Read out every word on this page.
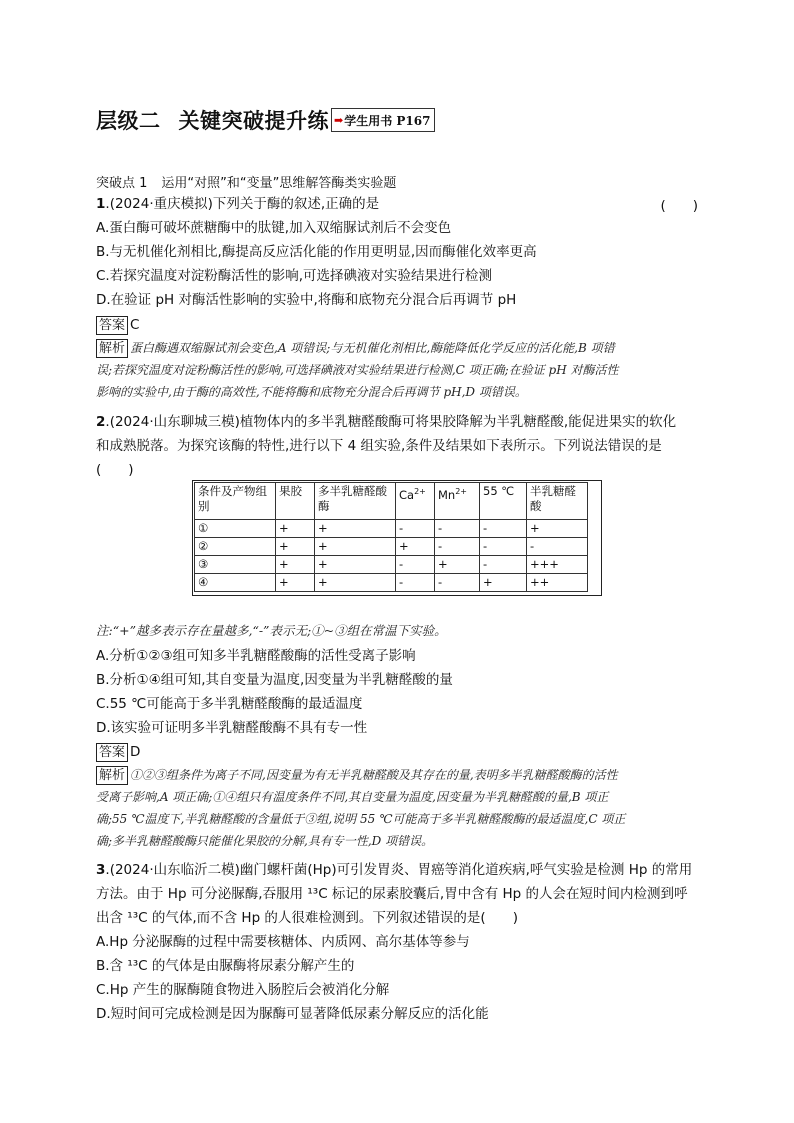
层级二 关键突破提升练 ➡ 学生用书 P167
突破点 1 运用“对照”和“变量”思维解答酶类实验题
1.(2024·重庆模拟)下列关于酶的叙述,正确的是	(　　)
A.蛋白酶可破坏蔗糖酶中的肽键,加入双缩脲试剂后不会变色
B.与无机催化剂相比,酶提高反应活化能的作用更明显,因而酶催化效率更高
C.若探究温度对淀粉酶活性的影响,可选择碘液对实验结果进行检测
D.在验证 pH 对酶活性影响的实验中,将酶和底物充分混合后再调节 pH
答案 C
解析 蛋白酶遇双缩脲试剂会变色,A 项错误;与无机催化剂相比,酶能降低化学反应的活化能,B 项错
误;若探究温度对淀粉酶活性的影响,可选择碘液对实验结果进行检测,C 项正确;在验证 pH 对酶活性
影响的实验中,由于酶的高效性,不能将酶和底物充分混合后再调节 pH,D 项错误。
2.(2024·山东聊城三模)植物体内的多半乳糖醛酸酶可将果胶降解为半乳糖醛酸,能促进果实的软化
和成熟脱落。为探究该酶的特性,进行以下 4 组实验,条件及结果如下表所示。下列说法错误的是
(　　)
条件及产物组别	果胶	多半乳糖醛酸酶	$Ca^{2+}$	$Mn^{2+}$	55 ℃	半乳糖醛酸
①	+	+	-	-	-	+
②	+	+	+	-	-	-
③	+	+	-	+	-	+++
④	+	+	-	-	+	++
注:“+”越多表示存在量越多,“-”表示无;①~③组在常温下实验。
A.分析①②③组可知多半乳糖醛酸酶的活性受离子影响
B.分析①④组可知,其自变量为温度,因变量为半乳糖醛酸的量
C.55 ℃可能高于多半乳糖醛酸酶的最适温度
D.该实验可证明多半乳糖醛酸酶不具有专一性
答案 D
解析 ①②③组条件为离子不同,因变量为有无半乳糖醛酸及其存在的量,表明多半乳糖醛酸酶的活性
受离子影响,A 项正确;①④组只有温度条件不同,其自变量为温度,因变量为半乳糖醛酸的量,B 项正
确;55 ℃温度下,半乳糖醛酸的含量低于③组,说明 55 ℃可能高于多半乳糖醛酸酶的最适温度,C 项正
确;多半乳糖醛酸酶只能催化果胶的分解,具有专一性,D 项错误。
3.(2024·山东临沂二模)幽门螺杆菌(Hp)可引发胃炎、胃癌等消化道疾病,呼气实验是检测 Hp 的常用
方法。由于 Hp 可分泌脲酶,吞服用 ¹³C 标记的尿素胶囊后,胃中含有 Hp 的人会在短时间内检测到呼
出含 ¹³C 的气体,而不含 Hp 的人很难检测到。下列叙述错误的是(　　)
A.Hp 分泌脲酶的过程中需要核糖体、内质网、高尔基体等参与
B.含 ¹³C 的气体是由脲酶将尿素分解产生的
C.Hp 产生的脲酶随食物进入肠腔后会被消化分解
D.短时间可完成检测是因为脲酶可显著降低尿素分解反应的活化能
